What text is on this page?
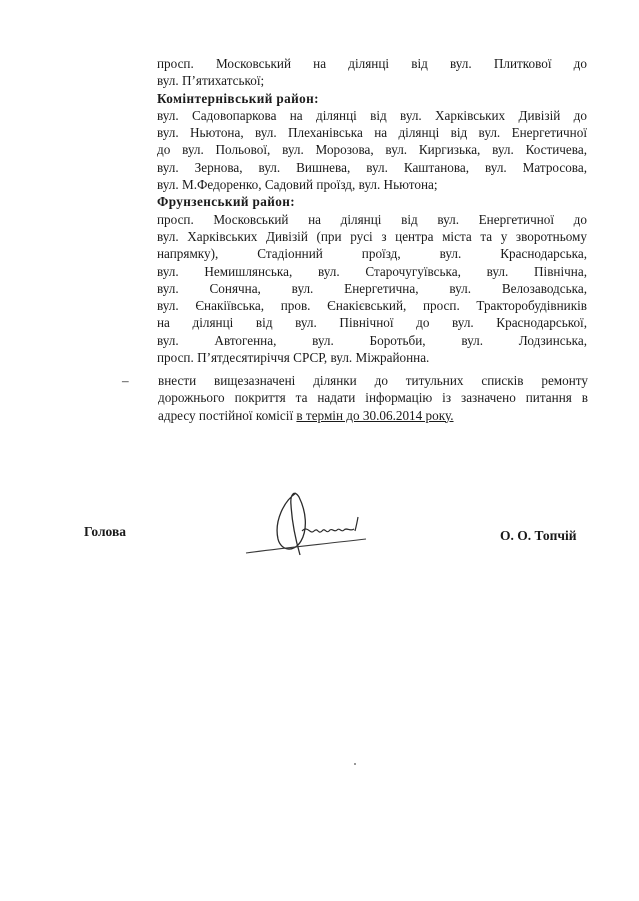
просп. Московський на ділянці від вул. Плиткової до
вул. П’ятихатської;
Комінтернівський район:
вул. Садовопаркова на ділянці від вул. Харківських Дивізій до
вул. Ньютона, вул. Плеханівська на ділянці від вул. Енергетичної
до вул. Польової, вул. Морозова, вул. Киргизька, вул. Костичева,
вул. Зернова, вул. Вишнева, вул. Каштанова, вул. Матросова,
вул. М.Федоренко, Садовий проїзд, вул. Ньютона;
Фрунзенський район:
просп. Московський на ділянці від вул. Енергетичної до
вул. Харківських Дивізій (при русі з центра міста та у зворотньому
напрямку), Стадіонний проїзд, вул. Краснодарська,
вул. Немишлянська, вул. Старочугуївська, вул. Північна,
вул. Сонячна, вул. Енергетична, вул. Велозаводська,
вул. Єнакіївська, пров. Єнакієвський, просп. Тракторобудівників
на ділянці від вул. Північної до вул. Краснодарської,
вул. Автогенна, вул. Боротьби, вул. Лодзинська,
просп. П’ятдесятиріччя СРСР, вул. Міжрайонна.
–	внести вищезазначені ділянки до титульних списків ремонту
дорожнього покриття та надати інформацію із зазначено питання в
адресу постійної комісії в термін до 30.06.2014 року.
Голова	О. О. Топчій
